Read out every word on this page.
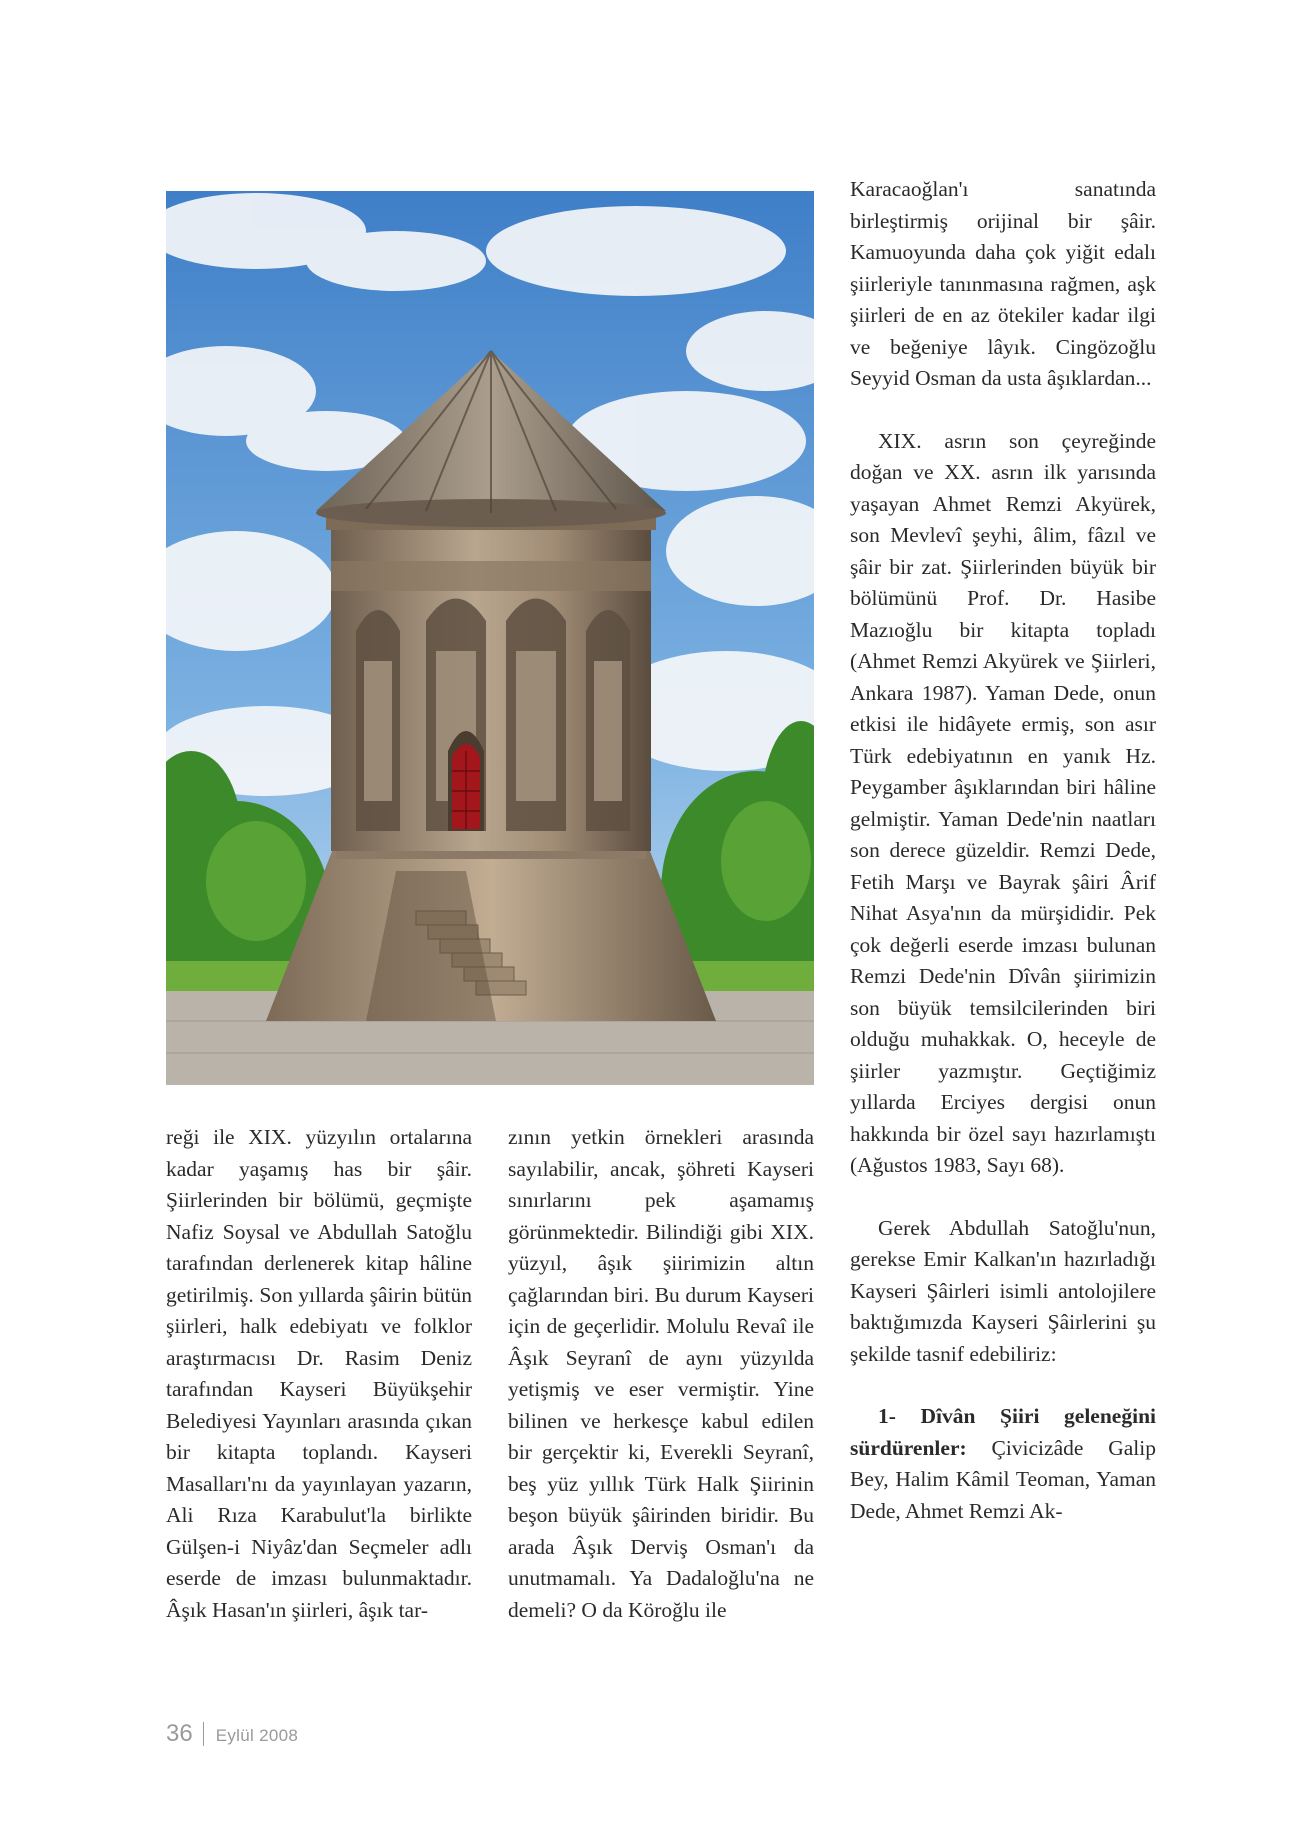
reği ile XIX. yüzyılın ortalarına kadar yaşamış has bir şâir. Şiirlerinden bir bölümü, geçmişte Nafiz Soysal ve Abdullah Satoğlu tarafından derlenerek kitap hâline getirilmiş. Son yıllarda şâirin bütün şiirleri, halk edebiyatı ve folklor araştırmacısı Dr. Rasim Deniz tarafından Kayseri Büyükşehir Belediyesi Yayınları arasında çıkan bir kitapta toplandı. Kayseri Masalları'nı da yayınlayan yazarın, Ali Rıza Karabulut'la birlikte Gülşen-i Niyâz'dan Seçmeler adlı eserde de imzası bulunmaktadır. Âşık Hasan'ın şiirleri, âşık tar-

zının yetkin örnekleri arasında sayılabilir, ancak, şöhreti Kayseri sınırlarını pek aşamamış görünmektedir. Bilindiği gibi XIX. yüzyıl, âşık şiirimizin altın çağlarından biri. Bu durum Kayseri için de geçerlidir. Molulu Revaî ile Âşık Seyranî de aynı yüzyılda yetişmiş ve eser vermiştir. Yine bilinen ve herkesçe kabul edilen bir gerçektir ki, Everekli Seyranî, beş yüz yıllık Türk Halk Şiirinin beşon büyük şâirinden biridir. Bu arada Âşık Derviş Osman'ı da unutmamalı. Ya Dadaloğlu'na ne demeli? O da Köroğlu ile

Karacaoğlan'ı sanatında birleştirmiş orijinal bir şâir. Kamuoyunda daha çok yiğit edalı şiirleriyle tanınmasına rağmen, aşk şiirleri de en az ötekiler kadar ilgi ve beğeniye lâyık. Cingözoğlu Seyyid Osman da usta âşıklardan...

XIX. asrın son çeyreğinde doğan ve XX. asrın ilk yarısında yaşayan Ahmet Remzi Akyürek, son Mevlevî şeyhi, âlim, fâzıl ve şâir bir zat. Şiirlerinden büyük bir bölümünü Prof. Dr. Hasibe Mazıoğlu bir kitapta topladı (Ahmet Remzi Akyürek ve Şiirleri, Ankara 1987). Yaman Dede, onun etkisi ile hidâyete ermiş, son asır Türk edebiyatının en yanık Hz. Peygamber âşıklarından biri hâline gelmiştir. Yaman Dede'nin naatları son derece güzeldir. Remzi Dede, Fetih Marşı ve Bayrak şâiri Ârif Nihat Asya'nın da mürşididir. Pek çok değerli eserde imzası bulunan Remzi Dede'nin Dîvân şiirimizin son büyük temsilcilerinden biri olduğu muhakkak. O, heceyle de şiirler yazmıştır. Geçtiğimiz yıllarda Erciyes dergisi onun hakkında bir özel sayı hazırlamıştı (Ağustos 1983, Sayı 68).

Gerek Abdullah Satoğlu'nun, gerekse Emir Kalkan'ın hazırladığı Kayseri Şâirleri isimli antolojilere baktığımızda Kayseri Şâirlerini şu şekilde tasnif edebiliriz:

1- Dîvân Şiiri geleneğini sürdürenler: Çivicizâde Galip Bey, Halim Kâmil Teoman, Yaman Dede, Ahmet Remzi Ak-

36 Eylül 2008
